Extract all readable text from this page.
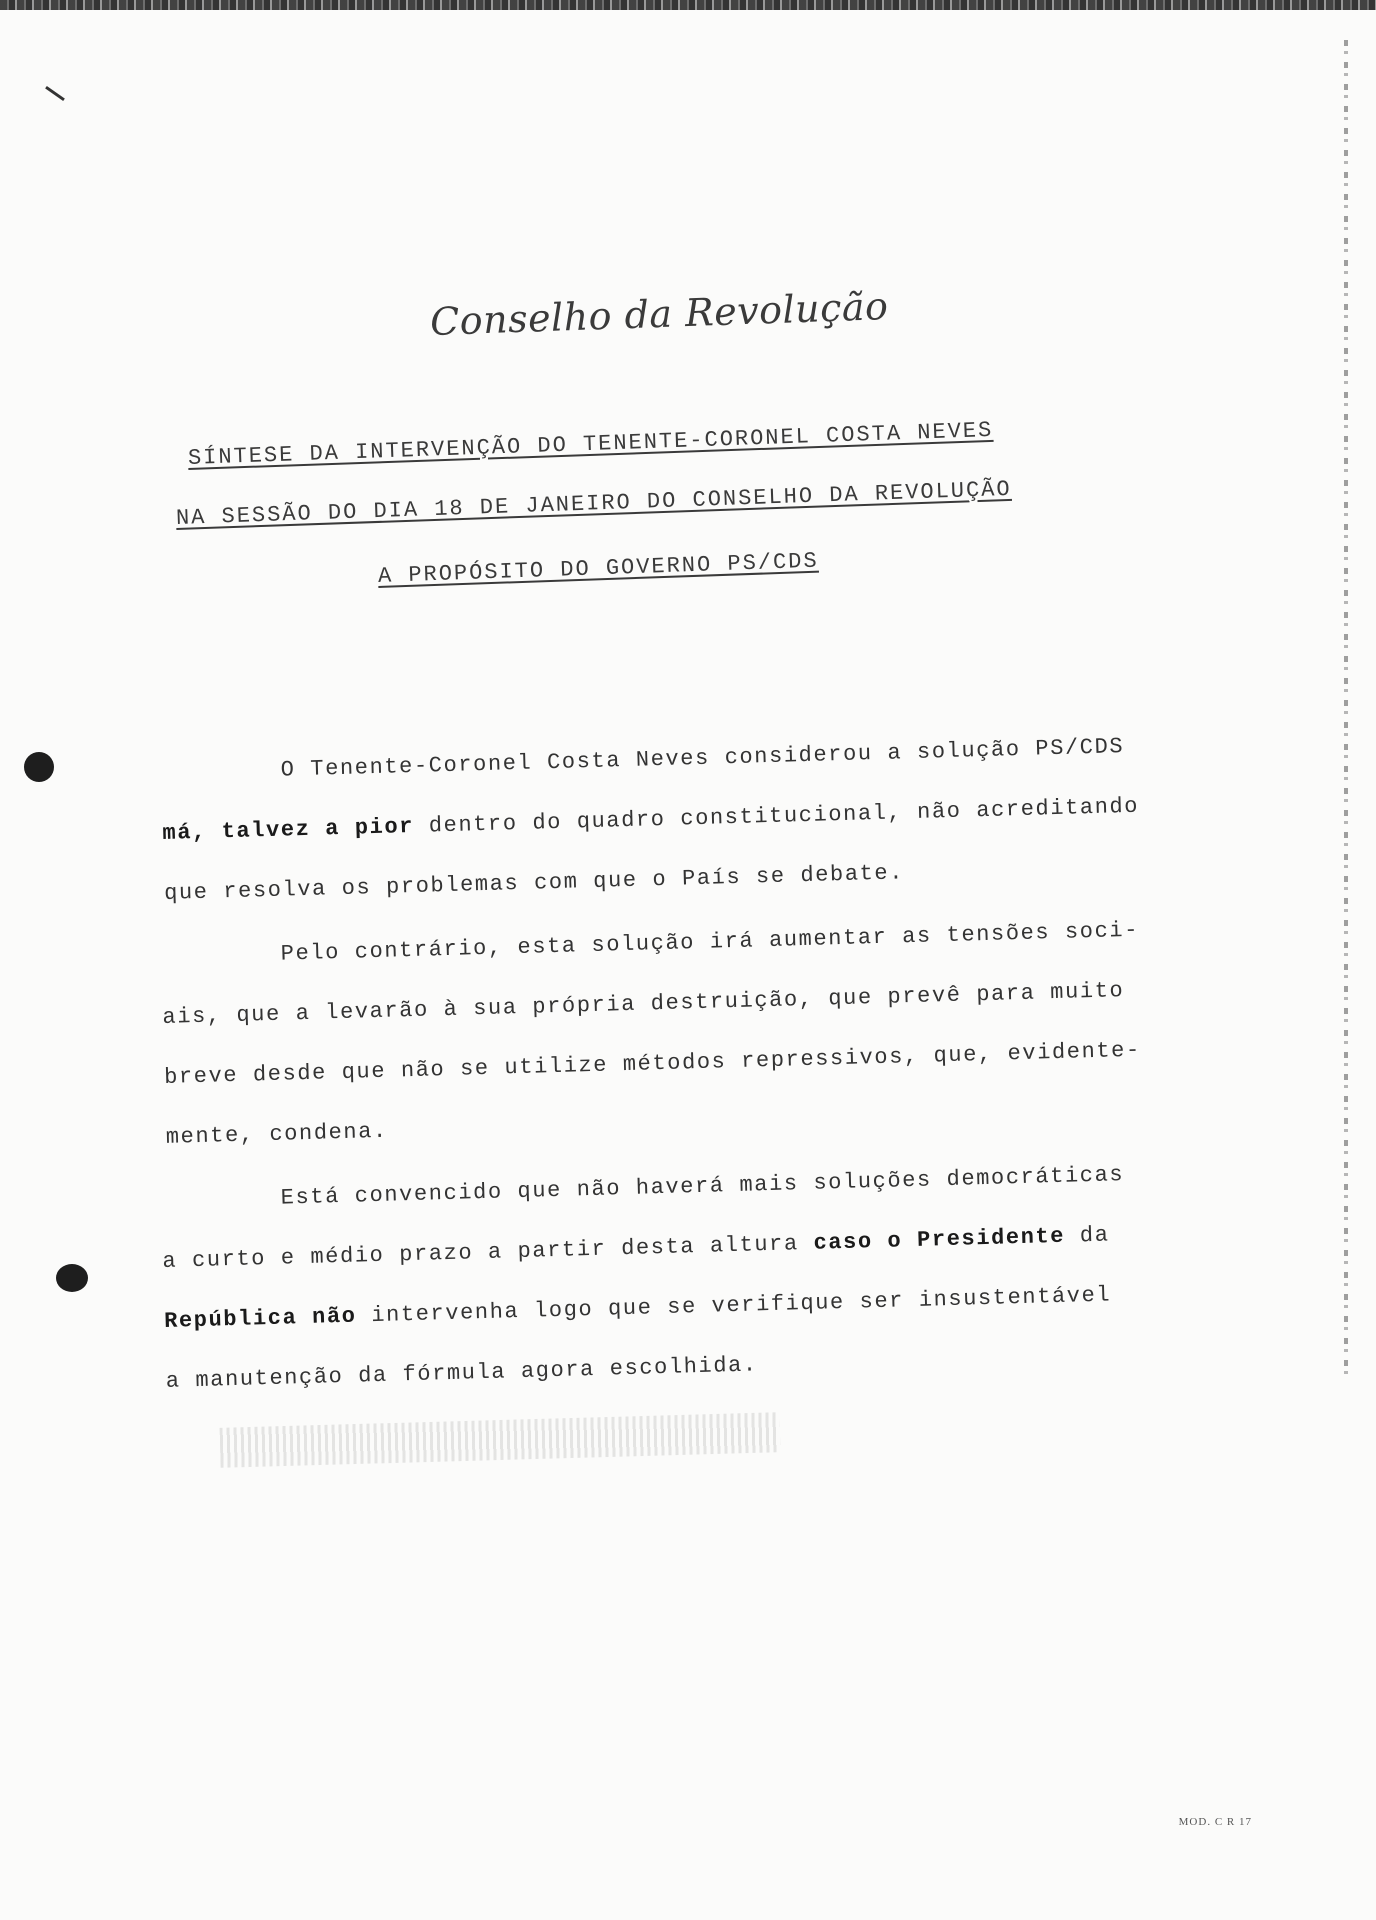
Conselho da Revolução
SÍNTESE DA INTERVENÇÃO DO TENENTE-CORONEL COSTA NEVES
NA SESSÃO DO DIA 18 DE JANEIRO DO CONSELHO DA REVOLUÇÃO
A PROPÓSITO DO GOVERNO PS/CDS
O Tenente-Coronel Costa Neves considerou a solução PS/CDS
má, talvez a pior dentro do quadro constitucional, não acreditando
que resolva os problemas com que o País se debate.
Pelo contrário, esta solução irá aumentar as tensões soci-
ais, que a levarão à sua própria destruição, que prevê para muito
breve desde que não se utilize métodos repressivos, que, evidente-
mente, condena.
Está convencido que não haverá mais soluções democráticas
a curto e médio prazo a partir desta altura caso o Presidente da
República não intervenha logo que se verifique ser insustentável
a manutenção da fórmula agora escolhida.
MOD. C R 17
